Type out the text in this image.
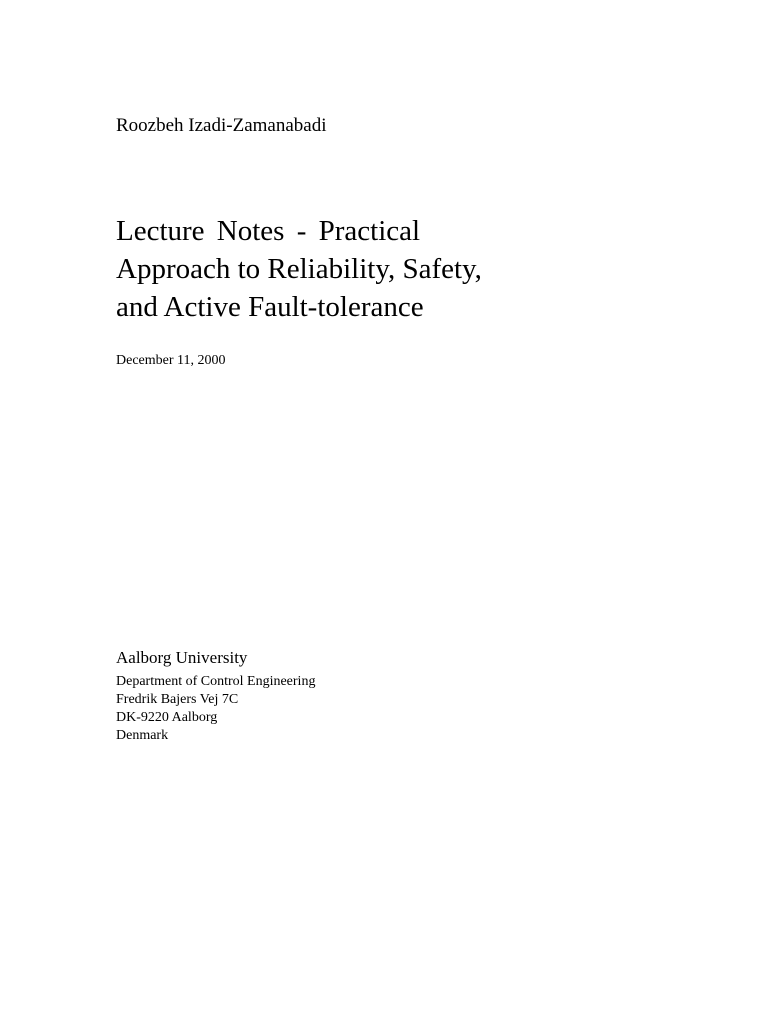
Roozbeh Izadi-Zamanabadi
Lecture Notes - Practical
Approach to Reliability, Safety,
and Active Fault-tolerance
December 11, 2000
Aalborg University
Department of Control Engineering
Fredrik Bajers Vej 7C
DK-9220 Aalborg
Denmark
